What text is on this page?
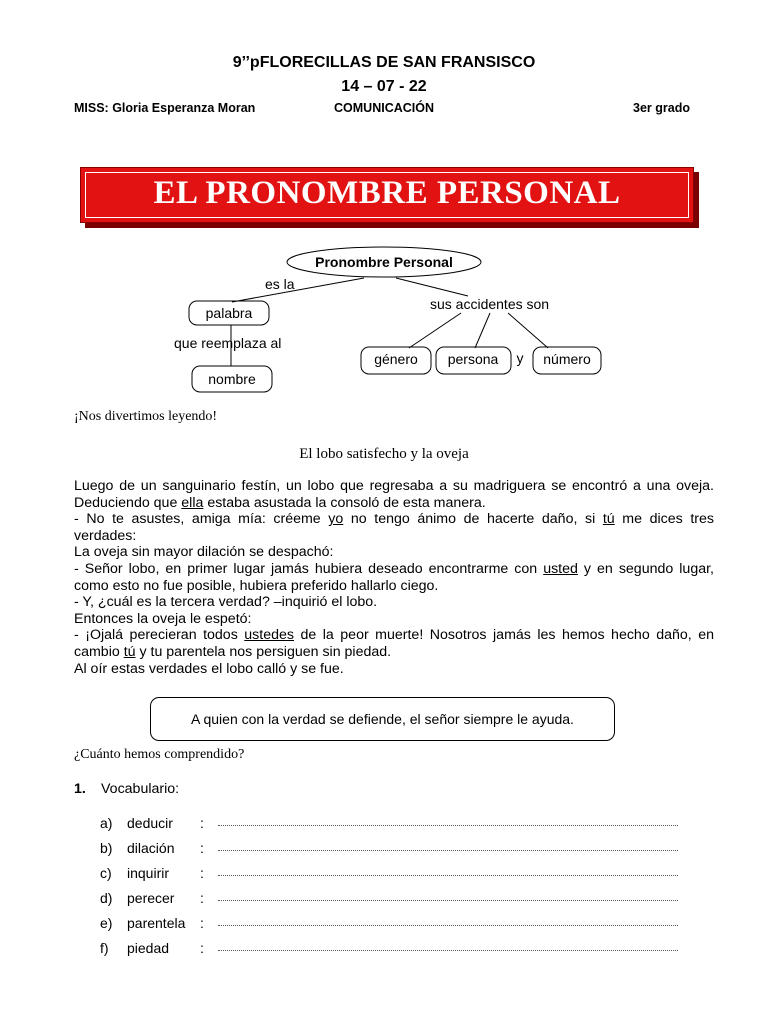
9’’pFLORECILLAS DE SAN FRANSISCO
14 – 07 - 22
MISS: Gloria Esperanza Moran	COMUNICACIÓN	3er grado
EL PRONOMBRE PERSONAL
Pronombre Personal
es la
palabra
que reemplaza al
nombre
sus accidentes son
género persona y número
¡Nos divertimos leyendo!
El lobo satisfecho y la oveja

Luego de un sanguinario festín, un lobo que regresaba a su madriguera se encontró a una oveja. Deduciendo que ella estaba asustada la consoló de esta manera.

- No te asustes, amiga mía: créeme yo no tengo ánimo de hacerte daño, si tú me dices tres verdades:

La oveja sin mayor dilación se despachó:

- Señor lobo, en primer lugar jamás hubiera deseado encontrarme con usted y en segundo lugar, como esto no fue posible, hubiera preferido hallarlo ciego.

- Y, ¿cuál es la tercera verdad? –inquirió el lobo.

Entonces la oveja le espetó:

- ¡Ojalá perecieran todos ustedes de la peor muerte! Nosotros jamás les hemos hecho daño, en cambio tú y tu parentela nos persiguen sin piedad.

Al oír estas verdades el lobo calló y se fue.

A quien con la verdad se defiende, el señor siempre le ayuda.
¿Cuánto hemos comprendido?
1. Vocabulario:
a) deducir :
b) dilación :
c) inquirir :
d) perecer :
e) parentela :
f) piedad :
